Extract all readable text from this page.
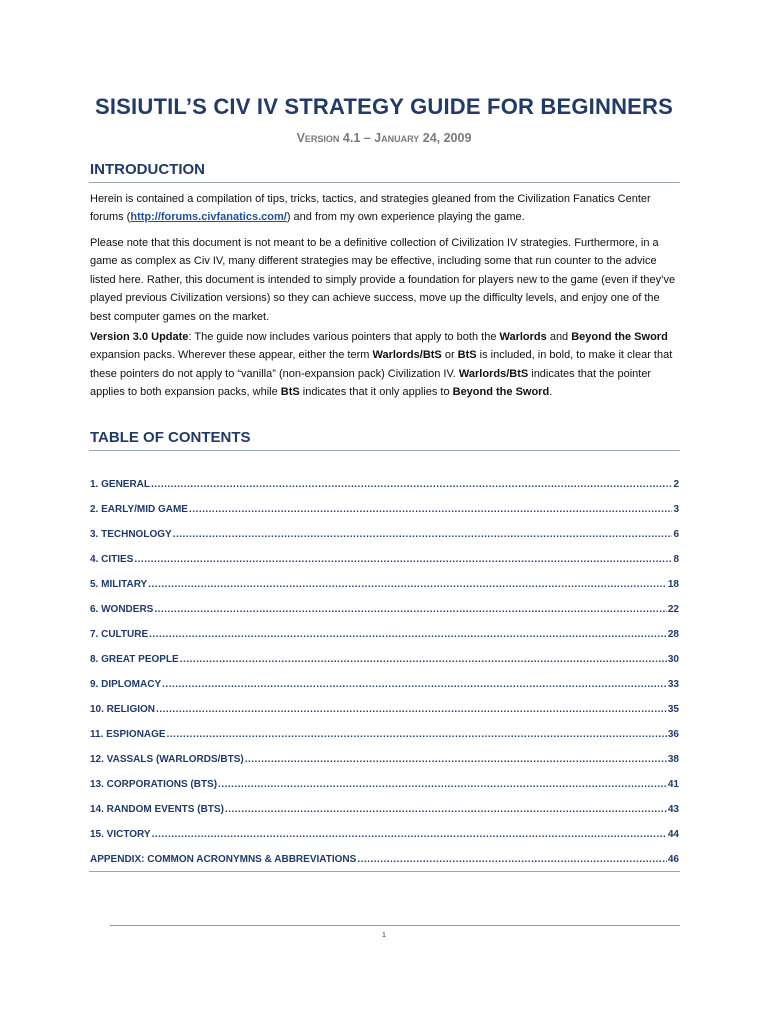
SISIUTIL’S CIV IV STRATEGY GUIDE FOR BEGINNERS
Version 4.1 – January 24, 2009
INTRODUCTION
Herein is contained a compilation of tips, tricks, tactics, and strategies gleaned from the Civilization Fanatics Center forums (http://forums.civfanatics.com/) and from my own experience playing the game.
Please note that this document is not meant to be a definitive collection of Civilization IV strategies. Furthermore, in a game as complex as Civ IV, many different strategies may be effective, including some that run counter to the advice listed here. Rather, this document is intended to simply provide a foundation for players new to the game (even if they’ve played previous Civilization versions) so they can achieve success, move up the difficulty levels, and enjoy one of the best computer games on the market.
Version 3.0 Update: The guide now includes various pointers that apply to both the Warlords and Beyond the Sword expansion packs. Wherever these appear, either the term Warlords/BtS or BtS is included, in bold, to make it clear that these pointers do not apply to “vanilla” (non-expansion pack) Civilization IV. Warlords/BtS indicates that the pointer applies to both expansion packs, while BtS indicates that it only applies to Beyond the Sword.
TABLE OF CONTENTS
1. GENERAL .....	2
2. EARLY/MID GAME .....	3
3. TECHNOLOGY .....	6
4. CITIES .....	8
5. MILITARY .....	18
6. WONDERS .....	22
7. CULTURE .....	28
8. GREAT PEOPLE .....	30
9. DIPLOMACY .....	33
10. RELIGION .....	35
11. ESPIONAGE .....	36
12. VASSALS (WARLORDS/BTS) .....	38
13. CORPORATIONS (BTS) .....	41
14. RANDOM EVENTS (BTS) .....	43
15. VICTORY .....	44
APPENDIX: COMMON ACRONYMNS & ABBREVIATIONS .....	46
1
